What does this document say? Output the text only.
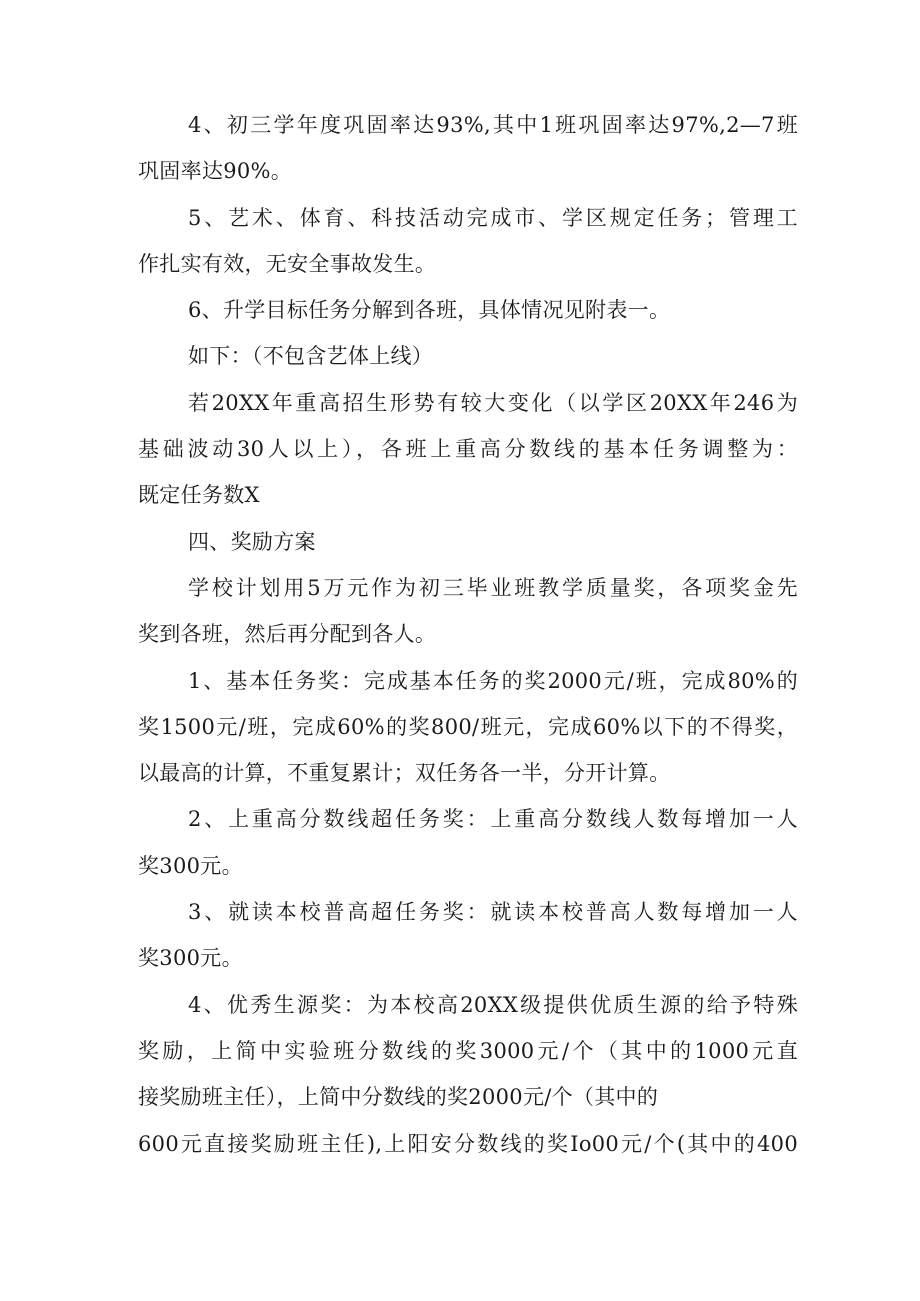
4、初三学年度巩固率达93%,其中1班巩固率达97%,2—7班
巩固率达90%。
5、艺术、体育、科技活动完成市、学区规定任务；管理工
作扎实有效，无安全事故发生。
6、升学目标任务分解到各班，具体情况见附表一。
如下：（不包含艺体上线）
若20XX年重高招生形势有较大变化（以学区20XX年246为
基础波动30人以上），各班上重高分数线的基本任务调整为：
既定任务数X
四、奖励方案
学校计划用5万元作为初三毕业班教学质量奖，各项奖金先
奖到各班，然后再分配到各人。
1、基本任务奖：完成基本任务的奖2000元/班，完成80%的
奖1500元/班，完成60%的奖800/班元，完成60%以下的不得奖，
以最高的计算，不重复累计；双任务各一半，分开计算。
2、上重高分数线超任务奖：上重高分数线人数每增加一人
奖300元。
3、就读本校普高超任务奖：就读本校普高人数每增加一人
奖300元。
4、优秀生源奖：为本校高20XX级提供优质生源的给予特殊
奖励，上简中实验班分数线的奖3000元/个（其中的1000元直
接奖励班主任），上简中分数线的奖2000元/个（其中的
600元直接奖励班主任),上阳安分数线的奖Io00元/个(其中的400
